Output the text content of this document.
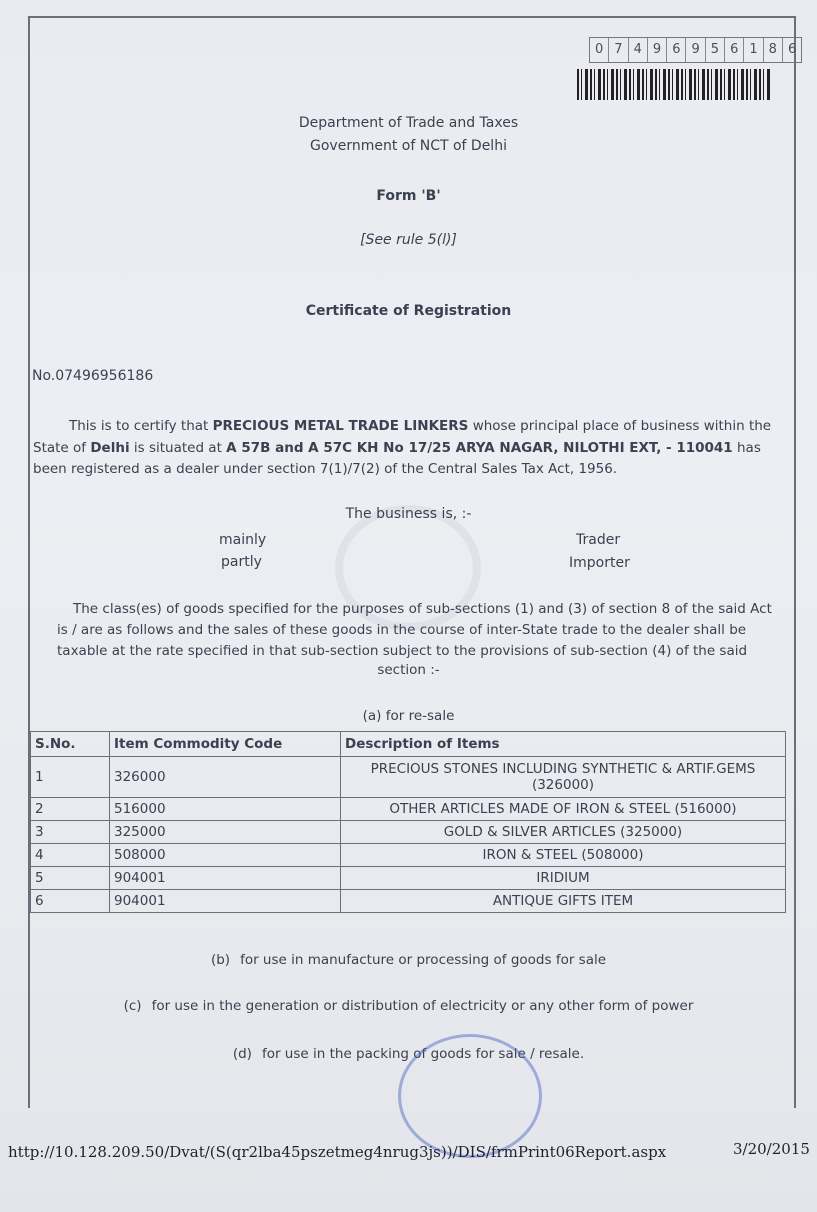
0 7 4 9 6 9 5 6 1 8 6
Department of Trade and Taxes
Government of NCT of Delhi
Form 'B'
[See rule 5(l)]
Certificate of Registration
No.07496956186
This is to certify that PRECIOUS METAL TRADE LINKERS whose principal place of business within the State of Delhi is situated at A 57B and A 57C KH No 17/25 ARYA NAGAR, NILOTHI EXT, - 110041 has been registered as a dealer under section 7(1)/7(2) of the Central Sales Tax Act, 1956.
The business is, :-
mainly	Trader
partly	Importer
The class(es) of goods specified for the purposes of sub-sections (1) and (3) of section 8 of the said Act is / are as follows and the sales of these goods in the course of inter-State trade to the dealer shall be taxable at the rate specified in that sub-section subject to the provisions of sub-section (4) of the said
section :-
(a) for re-sale
S.No.	Item Commodity Code	Description of Items
1	326000	PRECIOUS STONES INCLUDING SYNTHETIC & ARTIF.GEMS (326000)
2	516000	OTHER ARTICLES MADE OF IRON & STEEL (516000)
3	325000	GOLD & SILVER ARTICLES (325000)
4	508000	IRON & STEEL (508000)
5	904001	IRIDIUM
6	904001	ANTIQUE GIFTS ITEM
(b) for use in manufacture or processing of goods for sale
(c) for use in the generation or distribution of electricity or any other form of power
(d) for use in the packing of goods for sale / resale.
http://10.128.209.50/Dvat/(S(qr2lba45pszetmeg4nrug3js))/DIS/frmPrint06Report.aspx	3/20/2015
